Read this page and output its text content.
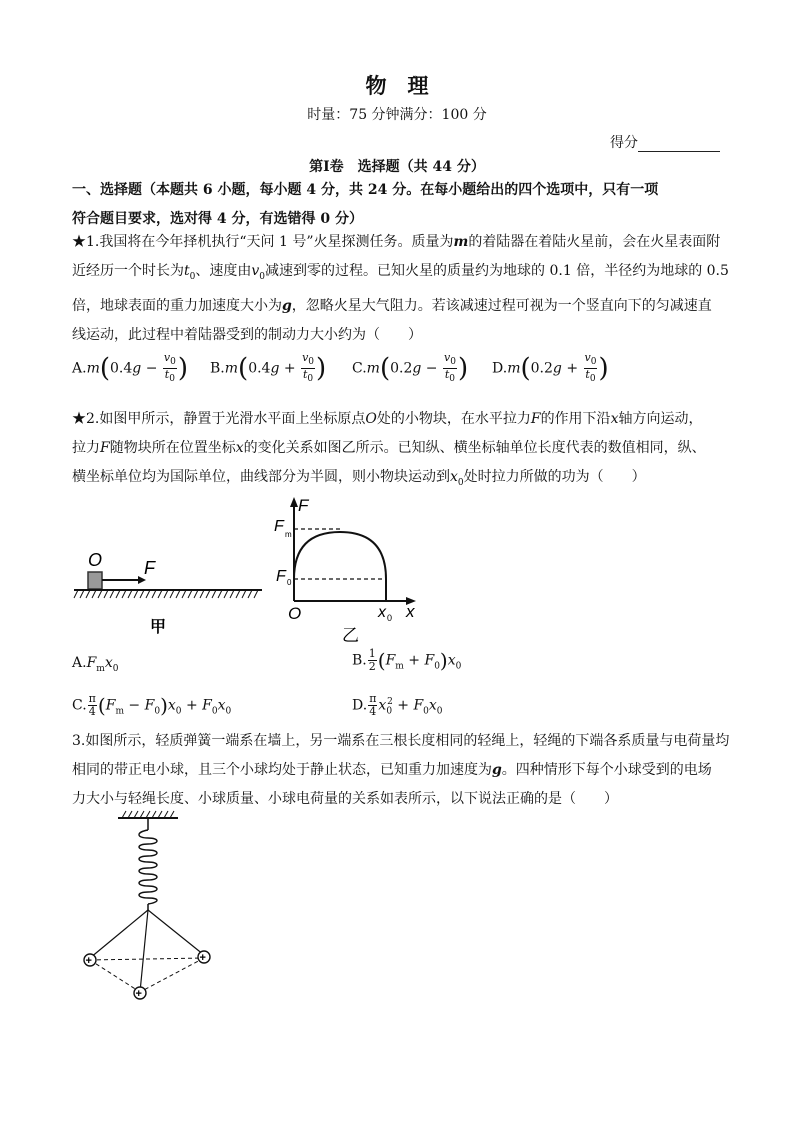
物　理
时量：75 分钟满分：100 分
得分
第Ⅰ卷　选择题（共 44 分）
一、选择题（本题共 6 小题，每小题 4 分，共 24 分。在每小题给出的四个选项中，只有一项
符合题目要求，选对得 4 分，有选错得 0 分）
★1.我国将在今年择机执行“天问 1 号”火星探测任务。质量为m的着陆器在着陆火星前，会在火星表面附
近经历一个时长为$t_0$、速度由$v_0$减速到零的过程。已知火星的质量约为地球的 0.1 倍，半径约为地球的 0.5
倍，地球表面的重力加速度大小为g，忽略火星大气阻力。若该减速过程可视为一个竖直向下的匀减速直
线运动，此过程中着陆器受到的制动力大小约为（　　）
$A.m(0.4g - \frac{v_0}{t_0}$ ) $B.m(0.4g + \frac{v_0}{t_0}$ ) $C.m(0.2g - \frac{v_0}{t_0}$ ) $D.m(0.2g + \frac{v_0}{t_0}$ )
★2.如图甲所示，静置于光滑水平面上坐标原点O处的小物块，在水平拉力F的作用下沿x轴方向运动，
拉力F随物块所在位置坐标x的变化关系如图乙所示。已知纵、横坐标轴单位长度代表的数值相同，纵、
横坐标单位均为国际单位，曲线部分为半圆，则小物块运动到$x_0$处时拉力所做的功为（　　）
O F
甲
F
x
O
F m
F 0
x 0
乙
$A.F_mx_0$
B. $\frac{1}{2} (F_m + F_0)x_0$
C. $\frac{\pi}{4} (F_m - F_0)x_0 + F_0x_0$	D. $\frac{\pi}{4} x_0^2 + F_0x_0$
3.如图所示，轻质弹簧一端系在墙上，另一端系在三根长度相同的轻绳上，轻绳的下端各系质量与电荷量均
相同的带正电小球，且三个小球均处于静止状态，已知重力加速度为g。四种情形下每个小球受到的电场
力大小与轻绳长度、小球质量、小球电荷量的关系如表所示，以下说法正确的是（　　）
+	+
+
